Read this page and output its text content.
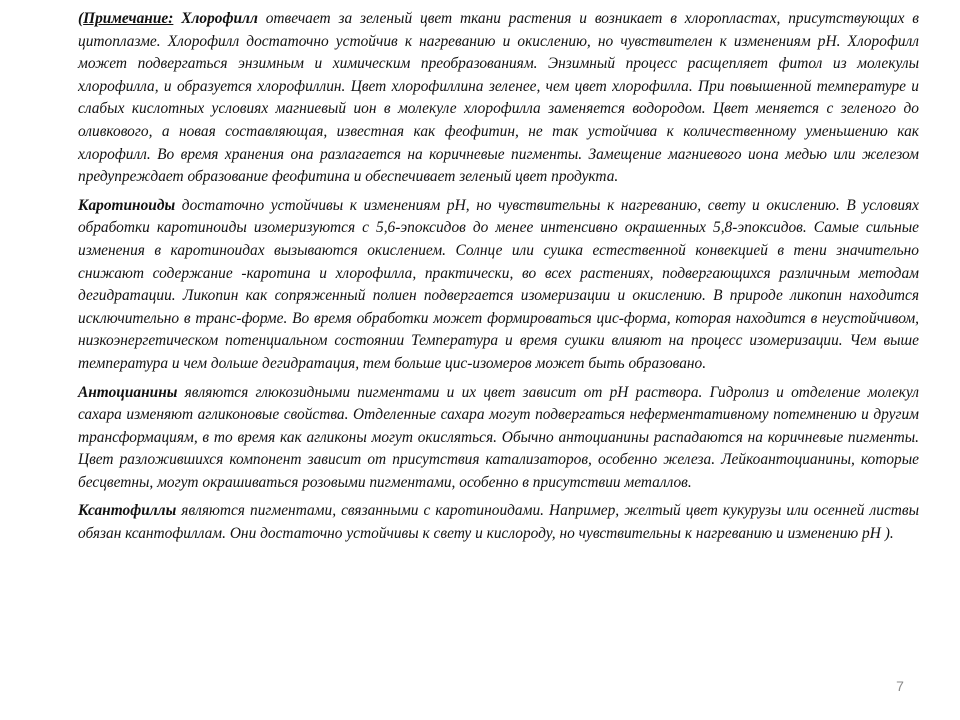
(Примечание: Хлорофилл отвечает за зеленый цвет ткани растения и возникает в хлоропластах, присутствующих в цитоплазме. Хлорофилл достаточно устойчив к нагреванию и окислению, но чувствителен к изменениям рН. Хлорофилл может подвергаться энзимным и химическим преобразованиям. Энзимный процесс расщепляет фитол из молекулы хлорофилла, и образуется хлорофиллин. Цвет хлорофиллина зеленее, чем цвет хлорофилла. При повышенной температуре и слабых кислотных условиях магниевый ион в молекуле хлорофилла заменяется водородом. Цвет меняется с зеленого до оливкового, а новая составляющая, известная как феофитин, не так устойчива к количественному уменьшению как хлорофилл. Во время хранения она разлагается на коричневые пигменты. Замещение магниевого иона медью или железом предупреждает образование феофитина и обеспечивает зеленый цвет продукта.

Каротиноиды достаточно устойчивы к изменениям рН, но чувствительны к нагреванию, свету и окислению. В условиях обработки каротиноиды изомеризуются с 5,6-эпоксидов до менее интенсивно окрашенных 5,8-эпоксидов. Самые сильные изменения в каротиноидах вызываются окислением. Солнце или сушка естественной конвекцией в тени значительно снижают содержание -каротина и хлорофилла, практически, во всех растениях, подвергающихся различным методам дегидратации. Ликопин как сопряженный полиен подвергается изомеризации и окислению. В природе ликопин находится исключительно в транс-форме. Во время обработки может формироваться цис-форма, которая находится в неустойчивом, низкоэнергетическом потенциальном состоянии Температура и время сушки влияют на процесс изомеризации. Чем выше температура и чем дольше дегидратация, тем больше цис-изомеров может быть образовано.

Антоцианины являются глюкозидными пигментами и их цвет зависит от рН раствора. Гидролиз и отделение молекул сахара изменяют агликоновые свойства. Отделенные сахара могут подвергаться неферментативному потемнению и другим трансформациям, в то время как агликоны могут окисляться. Обычно антоцианины распадаются на коричневые пигменты. Цвет разложившихся компонент зависит от присутствия катализаторов, особенно железа. Лейкоантоцианины, которые бесцветны, могут окрашиваться розовыми пигментами, особенно в присутствии металлов.

Ксантофиллы являются пигментами, связанными с каротиноидами. Например, желтый цвет кукурузы или осенней листвы обязан ксантофиллам. Они достаточно устойчивы к свету и кислороду, но чувствительны к нагреванию и изменению рН ).

7
